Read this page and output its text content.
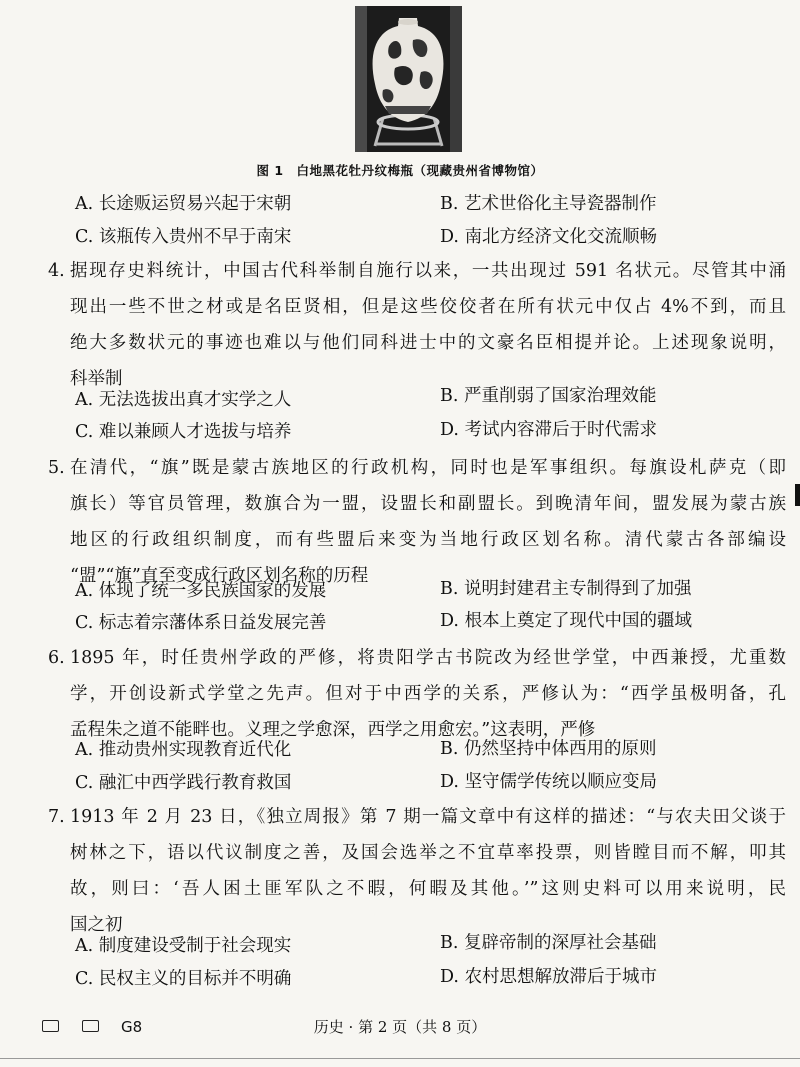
图 1　白地黑花牡丹纹梅瓶（现藏贵州省博物馆）
A. 长途贩运贸易兴起于宋朝	B. 艺术世俗化主导瓷器制作
C. 该瓶传入贵州不早于南宋	D. 南北方经济文化交流顺畅
4. 据现存史料统计，中国古代科举制自施行以来，一共出现过 591 名状元。尽管其中涌
现出一些不世之材或是名臣贤相，但是这些佼佼者在所有状元中仅占 4%不到，而且
绝大多数状元的事迹也难以与他们同科进士中的文豪名臣相提并论。上述现象说明，
科举制
A. 无法选拔出真才实学之人	B. 严重削弱了国家治理效能
C. 难以兼顾人才选拔与培养	D. 考试内容滞后于时代需求
5. 在清代，“旗”既是蒙古族地区的行政机构，同时也是军事组织。每旗设札萨克（即
旗长）等官员管理，数旗合为一盟，设盟长和副盟长。到晚清年间，盟发展为蒙古族
地区的行政组织制度，而有些盟后来变为当地行政区划名称。清代蒙古各部编设
“盟”“旗”直至变成行政区划名称的历程
A. 体现了统一多民族国家的发展	B. 说明封建君主专制得到了加强
C. 标志着宗藩体系日益发展完善	D. 根本上奠定了现代中国的疆域
6. 1895 年，时任贵州学政的严修，将贵阳学古书院改为经世学堂，中西兼授，尤重数
学，开创设新式学堂之先声。但对于中西学的关系，严修认为：“西学虽极明备，孔
孟程朱之道不能畔也。义理之学愈深，西学之用愈宏。”这表明，严修
A. 推动贵州实现教育近代化	B. 仍然坚持中体西用的原则
C. 融汇中西学践行教育救国	D. 坚守儒学传统以顺应变局
7. 1913 年 2 月 23 日，《独立周报》第 7 期一篇文章中有这样的描述：“与农夫田父谈于
树林之下，语以代议制度之善，及国会选举之不宜草率投票，则皆瞠目而不解，叩其
故，则曰：‘吾人困土匪军队之不暇，何暇及其他。’”这则史料可以用来说明，民
国之初
A. 制度建设受制于社会现实	B. 复辟帝制的深厚社会基础
C. 民权主义的目标并不明确	D. 农村思想解放滞后于城市
G8	历史 · 第 2 页（共 8 页）
